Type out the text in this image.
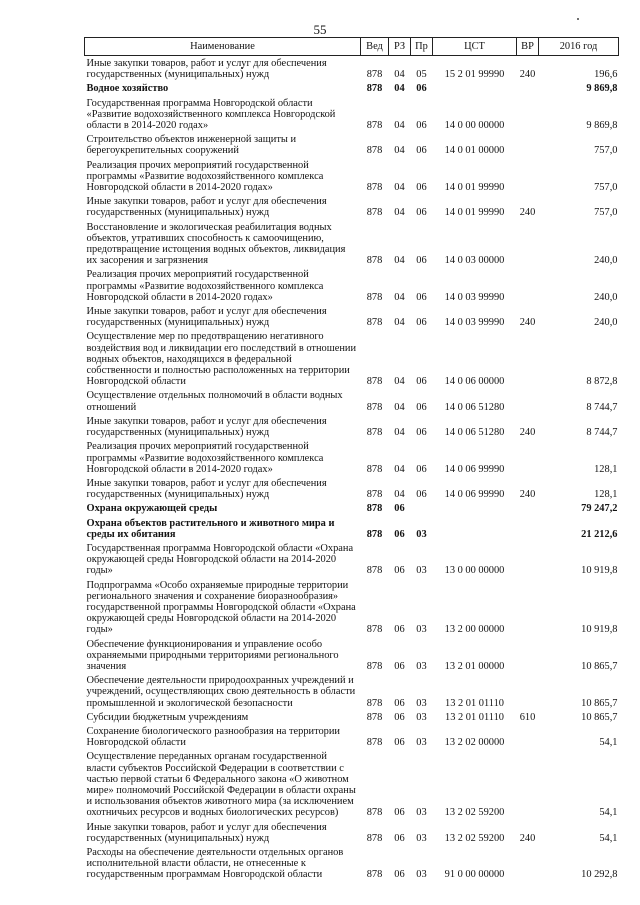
55
Наименование	Вед	РЗ	Пр	ЦСТ	ВР	2016 год
Иные закупки товаров, работ и услуг для обеспечения государственных (муниципальных) нужд	878	04	05	15 2 01 99990	240	196,6
Водное хозяйство	878	04	06			9 869,8
Государственная программа Новгородской области «Развитие водохозяйственного комплекса Новгородской области в 2014-2020 годах»	878	04	06	14 0 00 00000		9 869,8
Строительство объектов инженерной защиты и берегоукрепительных сооружений	878	04	06	14 0 01 00000		757,0
Реализация прочих мероприятий государственной программы «Развитие водохозяйственного комплекса Новгородской области в 2014-2020 годах»	878	04	06	14 0 01 99990		757,0
Иные закупки товаров, работ и услуг для обеспечения государственных (муниципальных) нужд	878	04	06	14 0 01 99990	240	757,0
Восстановление и экологическая реабилитация водных объектов, утративших способность к самоочищению, предотвращение истощения водных объектов, ликвидация их засорения и загрязнения	878	04	06	14 0 03 00000		240,0
Реализация прочих мероприятий государственной программы «Развитие водохозяйственного комплекса Новгородской области в 2014-2020 годах»	878	04	06	14 0 03 99990		240,0
Иные закупки товаров, работ и услуг для обеспечения государственных (муниципальных) нужд	878	04	06	14 0 03 99990	240	240,0
Осуществление мер по предотвращению негативного воздействия вод и ликвидации его последствий в отношении водных объектов, находящихся в федеральной собственности и полностью расположенных на территории Новгородской области	878	04	06	14 0 06 00000		8 872,8
Осуществление отдельных полномочий в области водных отношений	878	04	06	14 0 06 51280		8 744,7
Иные закупки товаров, работ и услуг для обеспечения государственных (муниципальных) нужд	878	04	06	14 0 06 51280	240	8 744,7
Реализация прочих мероприятий государственной программы «Развитие водохозяйственного комплекса Новгородской области в 2014-2020 годах»	878	04	06	14 0 06 99990		128,1
Иные закупки товаров, работ и услуг для обеспечения государственных (муниципальных) нужд	878	04	06	14 0 06 99990	240	128,1
Охрана окружающей среды	878	06				79 247,2
Охрана объектов растительного и животного мира и среды их обитания	878	06	03			21 212,6
Государственная программа Новгородской области «Охрана окружающей среды Новгородской области на 2014-2020 годы»	878	06	03	13 0 00 00000		10 919,8
Подпрограмма «Особо охраняемые природные территории регионального значения и сохранение биоразнообразия» государственной программы Новгородской области «Охрана окружающей среды Новгородской области на 2014-2020 годы»	878	06	03	13 2 00 00000		10 919,8
Обеспечение функционирования и управление особо охраняемыми природными территориями регионального значения	878	06	03	13 2 01 00000		10 865,7
Обеспечение деятельности природоохранных учреждений и учреждений, осуществляющих свою деятельность в области промышленной и экологической безопасности	878	06	03	13 2 01 01110		10 865,7
Субсидии бюджетным учреждениям	878	06	03	13 2 01 01110	610	10 865,7
Сохранение биологического разнообразия на территории Новгородской области	878	06	03	13 2 02 00000		54,1
Осуществление переданных органам государственной власти субъектов Российской Федерации в соответствии с частью первой статьи 6 Федерального закона «О животном мире» полномочий Российской Федерации в области охраны и использования объектов животного мира (за исключением охотничьих ресурсов и водных биологических ресурсов)	878	06	03	13 2 02 59200		54,1
Иные закупки товаров, работ и услуг для обеспечения государственных (муниципальных) нужд	878	06	03	13 2 02 59200	240	54,1
Расходы на обеспечение деятельности отдельных органов исполнительной власти области, не отнесенные к государственным программам Новгородской области	878	06	03	91 0 00 00000		10 292,8
